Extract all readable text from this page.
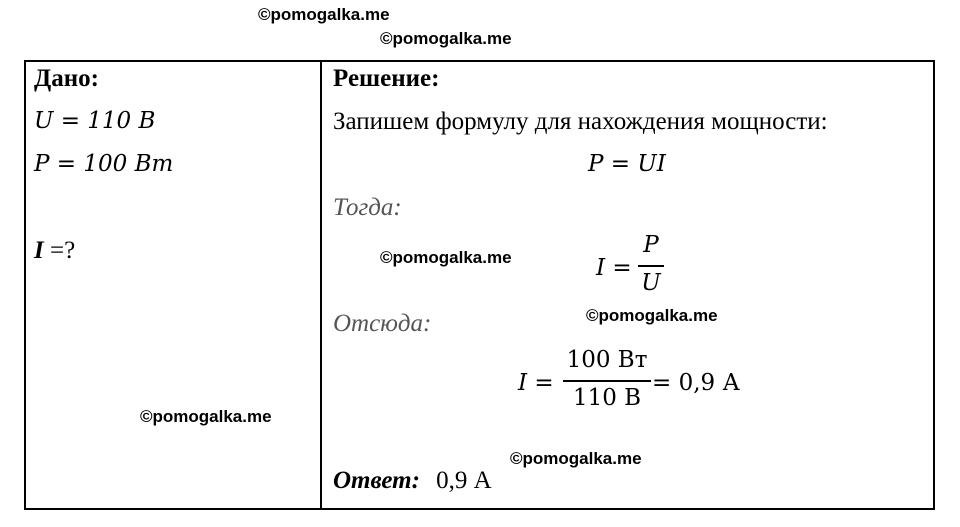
©pomogalka.me
©pomogalka.me
©pomogalka.me
©pomogalka.me
©pomogalka.me
©pomogalka.me
Дано:
U = 110 В
P = 100 Вт
I =?
Решение:
Запишем формулу для нахождения мощности:
P = UI
Тогда:
I =
P
U
Отсюда:
I =
100 Вт
110 В
= 0,9 А
Ответ: 0,9 А
